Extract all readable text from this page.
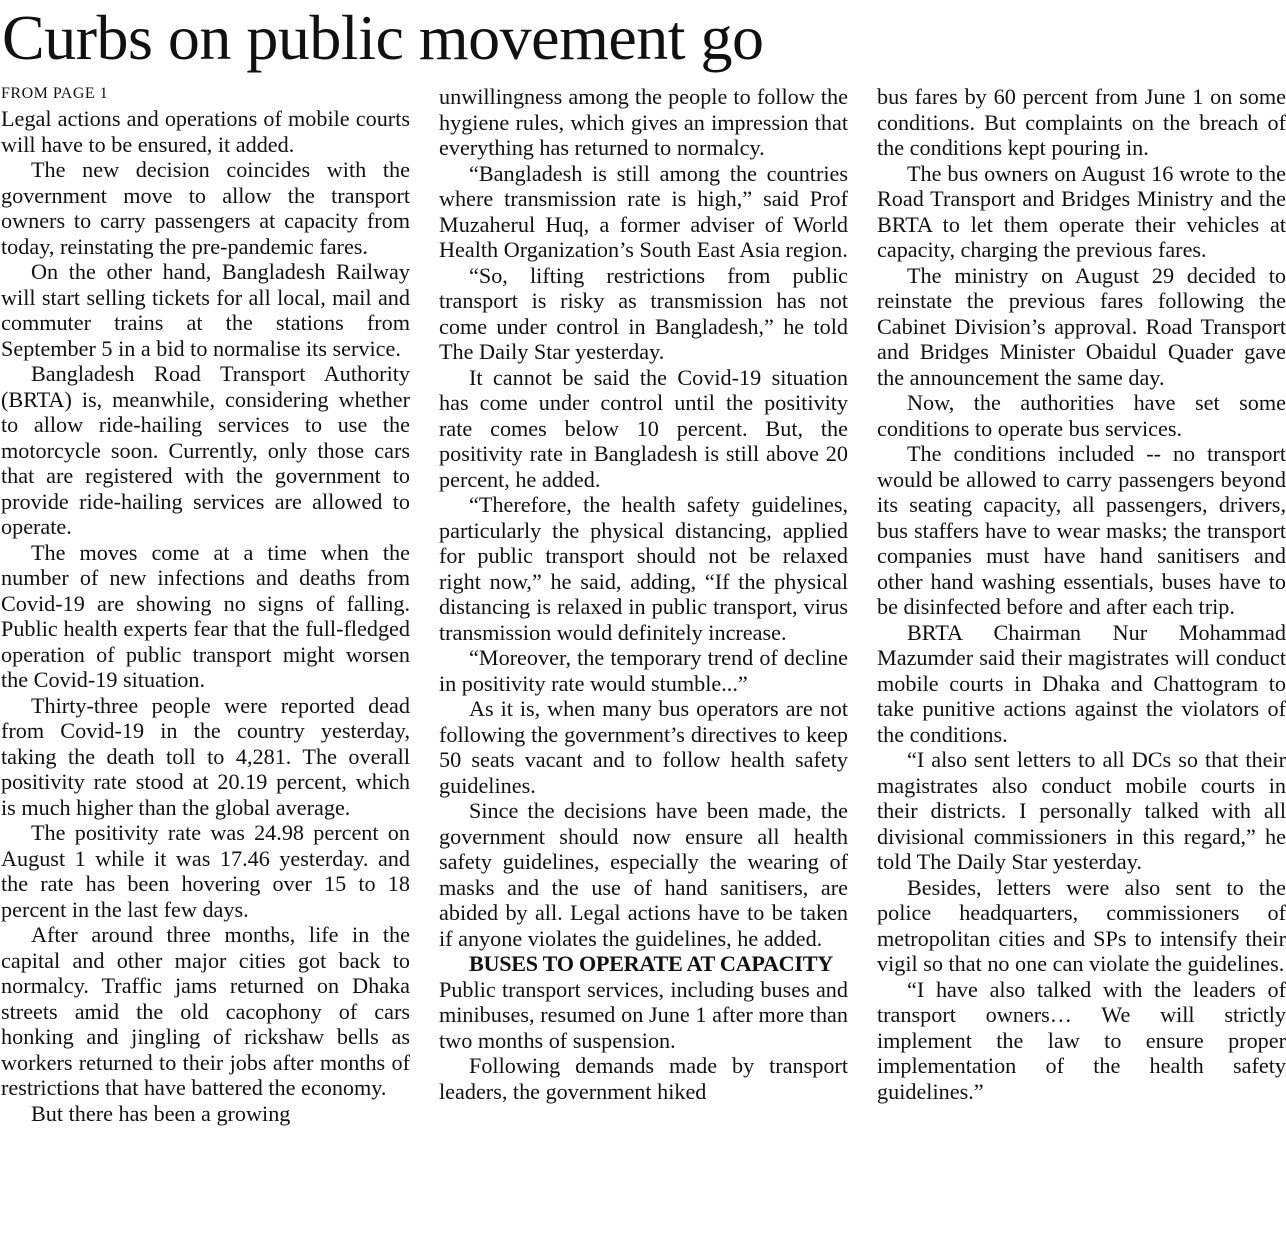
Curbs on public movement go
FROM PAGE 1

Legal actions and operations of mobile courts will have to be ensured, it added.

The new decision coincides with the government move to allow the transport owners to carry passengers at capacity from today, reinstating the pre-pandemic fares.

On the other hand, Bangladesh Railway will start selling tickets for all local, mail and commuter trains at the stations from September 5 in a bid to normalise its service.

Bangladesh Road Transport Authority (BRTA) is, meanwhile, considering whether to allow ride-hailing services to use the motorcycle soon. Currently, only those cars that are registered with the government to provide ride-hailing services are allowed to operate.

The moves come at a time when the number of new infections and deaths from Covid-19 are showing no signs of falling. Public health experts fear that the full-fledged operation of public transport might worsen the Covid-19 situation.

Thirty-three people were reported dead from Covid-19 in the country yesterday, taking the death toll to 4,281. The overall positivity rate stood at 20.19 percent, which is much higher than the global average.

The positivity rate was 24.98 percent on August 1 while it was 17.46 yesterday. and the rate has been hovering over 15 to 18 percent in the last few days.

After around three months, life in the capital and other major cities got back to normalcy. Traffic jams returned on Dhaka streets amid the old cacophony of cars honking and jingling of rickshaw bells as workers returned to their jobs after months of restrictions that have battered the economy.

But there has been a growing

unwillingness among the people to follow the hygiene rules, which gives an impression that everything has returned to normalcy.

“Bangladesh is still among the countries where transmission rate is high,” said Prof Muzaherul Huq, a former adviser of World Health Organization’s South East Asia region.

“So, lifting restrictions from public transport is risky as transmission has not come under control in Bangladesh,” he told The Daily Star yesterday.

It cannot be said the Covid-19 situation has come under control until the positivity rate comes below 10 percent. But, the positivity rate in Bangladesh is still above 20 percent, he added.

“Therefore, the health safety guidelines, particularly the physical distancing, applied for public transport should not be relaxed right now,” he said, adding, “If the physical distancing is relaxed in public transport, virus transmission would definitely increase.

“Moreover, the temporary trend of decline in positivity rate would stumble...”

As it is, when many bus operators are not following the government’s directives to keep 50 seats vacant and to follow health safety guidelines.

Since the decisions have been made, the government should now ensure all health safety guidelines, especially the wearing of masks and the use of hand sanitisers, are abided by all. Legal actions have to be taken if anyone violates the guidelines, he added.

BUSES TO OPERATE AT CAPACITY

Public transport services, including buses and minibuses, resumed on June 1 after more than two months of suspension.

Following demands made by transport leaders, the government hiked

bus fares by 60 percent from June 1 on some conditions. But complaints on the breach of the conditions kept pouring in.

The bus owners on August 16 wrote to the Road Transport and Bridges Ministry and the BRTA to let them operate their vehicles at capacity, charging the previous fares.

The ministry on August 29 decided to reinstate the previous fares following the Cabinet Division’s approval. Road Transport and Bridges Minister Obaidul Quader gave the announcement the same day.

Now, the authorities have set some conditions to operate bus services.

The conditions included -- no transport would be allowed to carry passengers beyond its seating capacity, all passengers, drivers, bus staffers have to wear masks; the transport companies must have hand sanitisers and other hand washing essentials, buses have to be disinfected before and after each trip.

BRTA Chairman Nur Mohammad Mazumder said their magistrates will conduct mobile courts in Dhaka and Chattogram to take punitive actions against the violators of the conditions.

“I also sent letters to all DCs so that their magistrates also conduct mobile courts in their districts. I personally talked with all divisional commissioners in this regard,” he told The Daily Star yesterday.

Besides, letters were also sent to the police headquarters, commissioners of metropolitan cities and SPs to intensify their vigil so that no one can violate the guidelines.

“I have also talked with the leaders of transport owners… We will strictly implement the law to ensure proper implementation of the health safety guidelines.”
